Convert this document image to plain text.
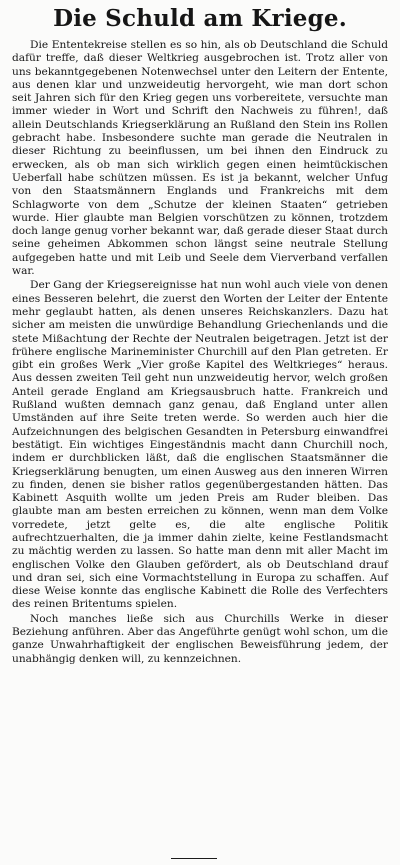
Die Schuld am Kriege.

Die Ententekreise stellen es so hin, als ob Deutschland die Schuld dafür treffe, daß dieser Weltkrieg ausgebrochen ist. Trotz aller von uns bekanntgegebenen Notenwechsel unter den Leitern der Entente, aus denen klar und unzweideutig hervorgeht, wie man dort schon seit Jahren sich für den Krieg gegen uns vorbereitete, versuchte man immer wieder in Wort und Schrift den Nachweis zu führen!, daß allein Deutschlands Kriegserklärung an Rußland den Stein ins Rollen gebracht habe. Insbesondere suchte man gerade die Neutralen in dieser Richtung zu beeinflussen, um bei ihnen den Eindruck zu erwecken, als ob man sich wirklich gegen einen heimtückischen Ueberfall habe schützen müssen. Es ist ja bekannt, welcher Unfug von den Staatsmännern Englands und Frankreichs mit dem Schlagworte von dem „Schutze der kleinen Staaten“ getrieben wurde. Hier glaubte man Belgien vorschützen zu können, trotzdem doch lange genug vorher bekannt war, daß gerade dieser Staat durch seine geheimen Abkommen schon längst seine neutrale Stellung aufgegeben hatte und mit Leib und Seele dem Vierverband verfallen war.

Der Gang der Kriegsereignisse hat nun wohl auch viele von denen eines Besseren belehrt, die zuerst den Worten der Leiter der Entente mehr geglaubt hatten, als denen unseres Reichskanzlers. Dazu hat sicher am meisten die unwürdige Behandlung Griechenlands und die stete Mißachtung der Rechte der Neutralen beigetragen. Jetzt ist der frühere englische Marineminister Churchill auf den Plan getreten. Er gibt ein großes Werk „Vier große Kapitel des Weltkrieges“ heraus. Aus dessen zweiten Teil geht nun unzweideutig hervor, welch großen Anteil gerade England am Kriegsausbruch hatte. Frankreich und Rußland wußten demnach ganz genau, daß England unter allen Umständen auf ihre Seite treten werde. So werden auch hier die Aufzeichnungen des belgischen Gesandten in Petersburg einwandfrei bestätigt. Ein wichtiges Eingeständnis macht dann Churchill noch, indem er durchblicken läßt, daß die englischen Staatsmänner die Kriegserklärung benugten, um einen Ausweg aus den inneren Wirren zu finden, denen sie bisher ratlos gegenübergestanden hätten. Das Kabinett Asquith wollte um jeden Preis am Ruder bleiben. Das glaubte man am besten erreichen zu können, wenn man dem Volke vorredete, jetzt gelte es, die alte englische Politik aufrechtzuerhalten, die ja immer dahin zielte, keine Festlandsmacht zu mächtig werden zu lassen. So hatte man denn mit aller Macht im englischen Volke den Glauben gefördert, als ob Deutschland drauf und dran sei, sich eine Vormachtstellung in Europa zu schaffen. Auf diese Weise konnte das englische Kabinett die Rolle des Verfechters des reinen Britentums spielen.

Noch manches ließe sich aus Churchills Werke in dieser Beziehung anführen. Aber das Angeführte genügt wohl schon, um die ganze Unwahrhaftigkeit der englischen Beweisführung jedem, der unabhängig denken will, zu kennzeichnen.
